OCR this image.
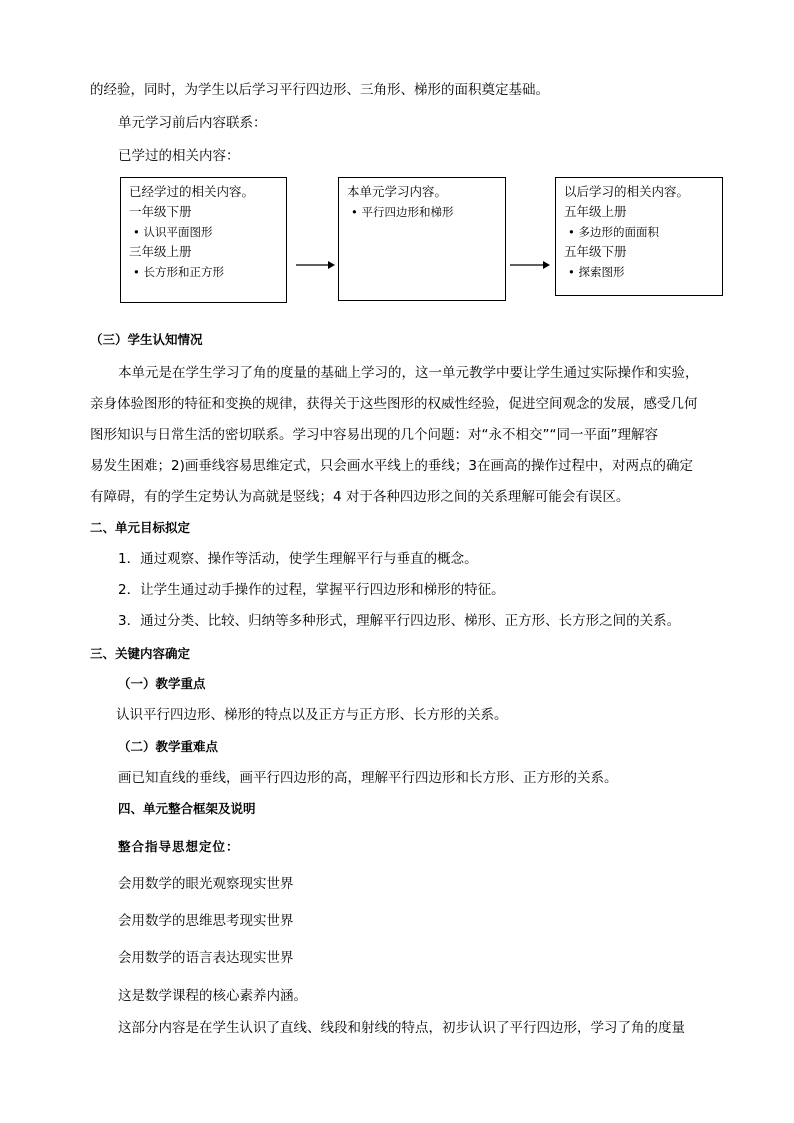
的经验，同时，为学生以后学习平行四边形、三角形、梯形的面积奠定基础。
单元学习前后内容联系：
已学过的相关内容：
已经学过的相关内容。
一年级下册
• 认识平面图形
三年级上册
• 长方形和正方形
本单元学习内容。
• 平行四边形和梯形
以后学习的相关内容。
五年级上册
• 多边形的面面积
五年级下册
• 探索图形
（三）学生认知情况
本单元是在学生学习了角的度量的基础上学习的，这一单元教学中要让学生通过实际操作和实验，
亲身体验图形的特征和变换的规律，获得关于这些图形的权威性经验，促进空间观念的发展，感受几何
图形知识与日常生活的密切联系。学习中容易出现的几个问题：对“永不相交”“同一平面”理解容
易发生困难；2)画垂线容易思维定式，只会画水平线上的垂线；3在画高的操作过程中，对两点的确定
有障碍，有的学生定势认为高就是竖线；4 对于各种四边形之间的关系理解可能会有误区。
二、单元目标拟定
1．通过观察、操作等活动，使学生理解平行与垂直的概念。
2．让学生通过动手操作的过程，掌握平行四边形和梯形的特征。
3．通过分类、比较、归纳等多种形式，理解平行四边形、梯形、正方形、长方形之间的关系。
三、关键内容确定
（一）教学重点
认识平行四边形、梯形的特点以及正方与正方形、长方形的关系。
（二）教学重难点
画已知直线的垂线，画平行四边形的高，理解平行四边形和长方形、正方形的关系。
四、单元整合框架及说明
整合指导思想定位：
会用数学的眼光观察现实世界
会用数学的思维思考现实世界
会用数学的语言表达现实世界
这是数学课程的核心素养内涵。
这部分内容是在学生认识了直线、线段和射线的特点，初步认识了平行四边形，学习了角的度量
